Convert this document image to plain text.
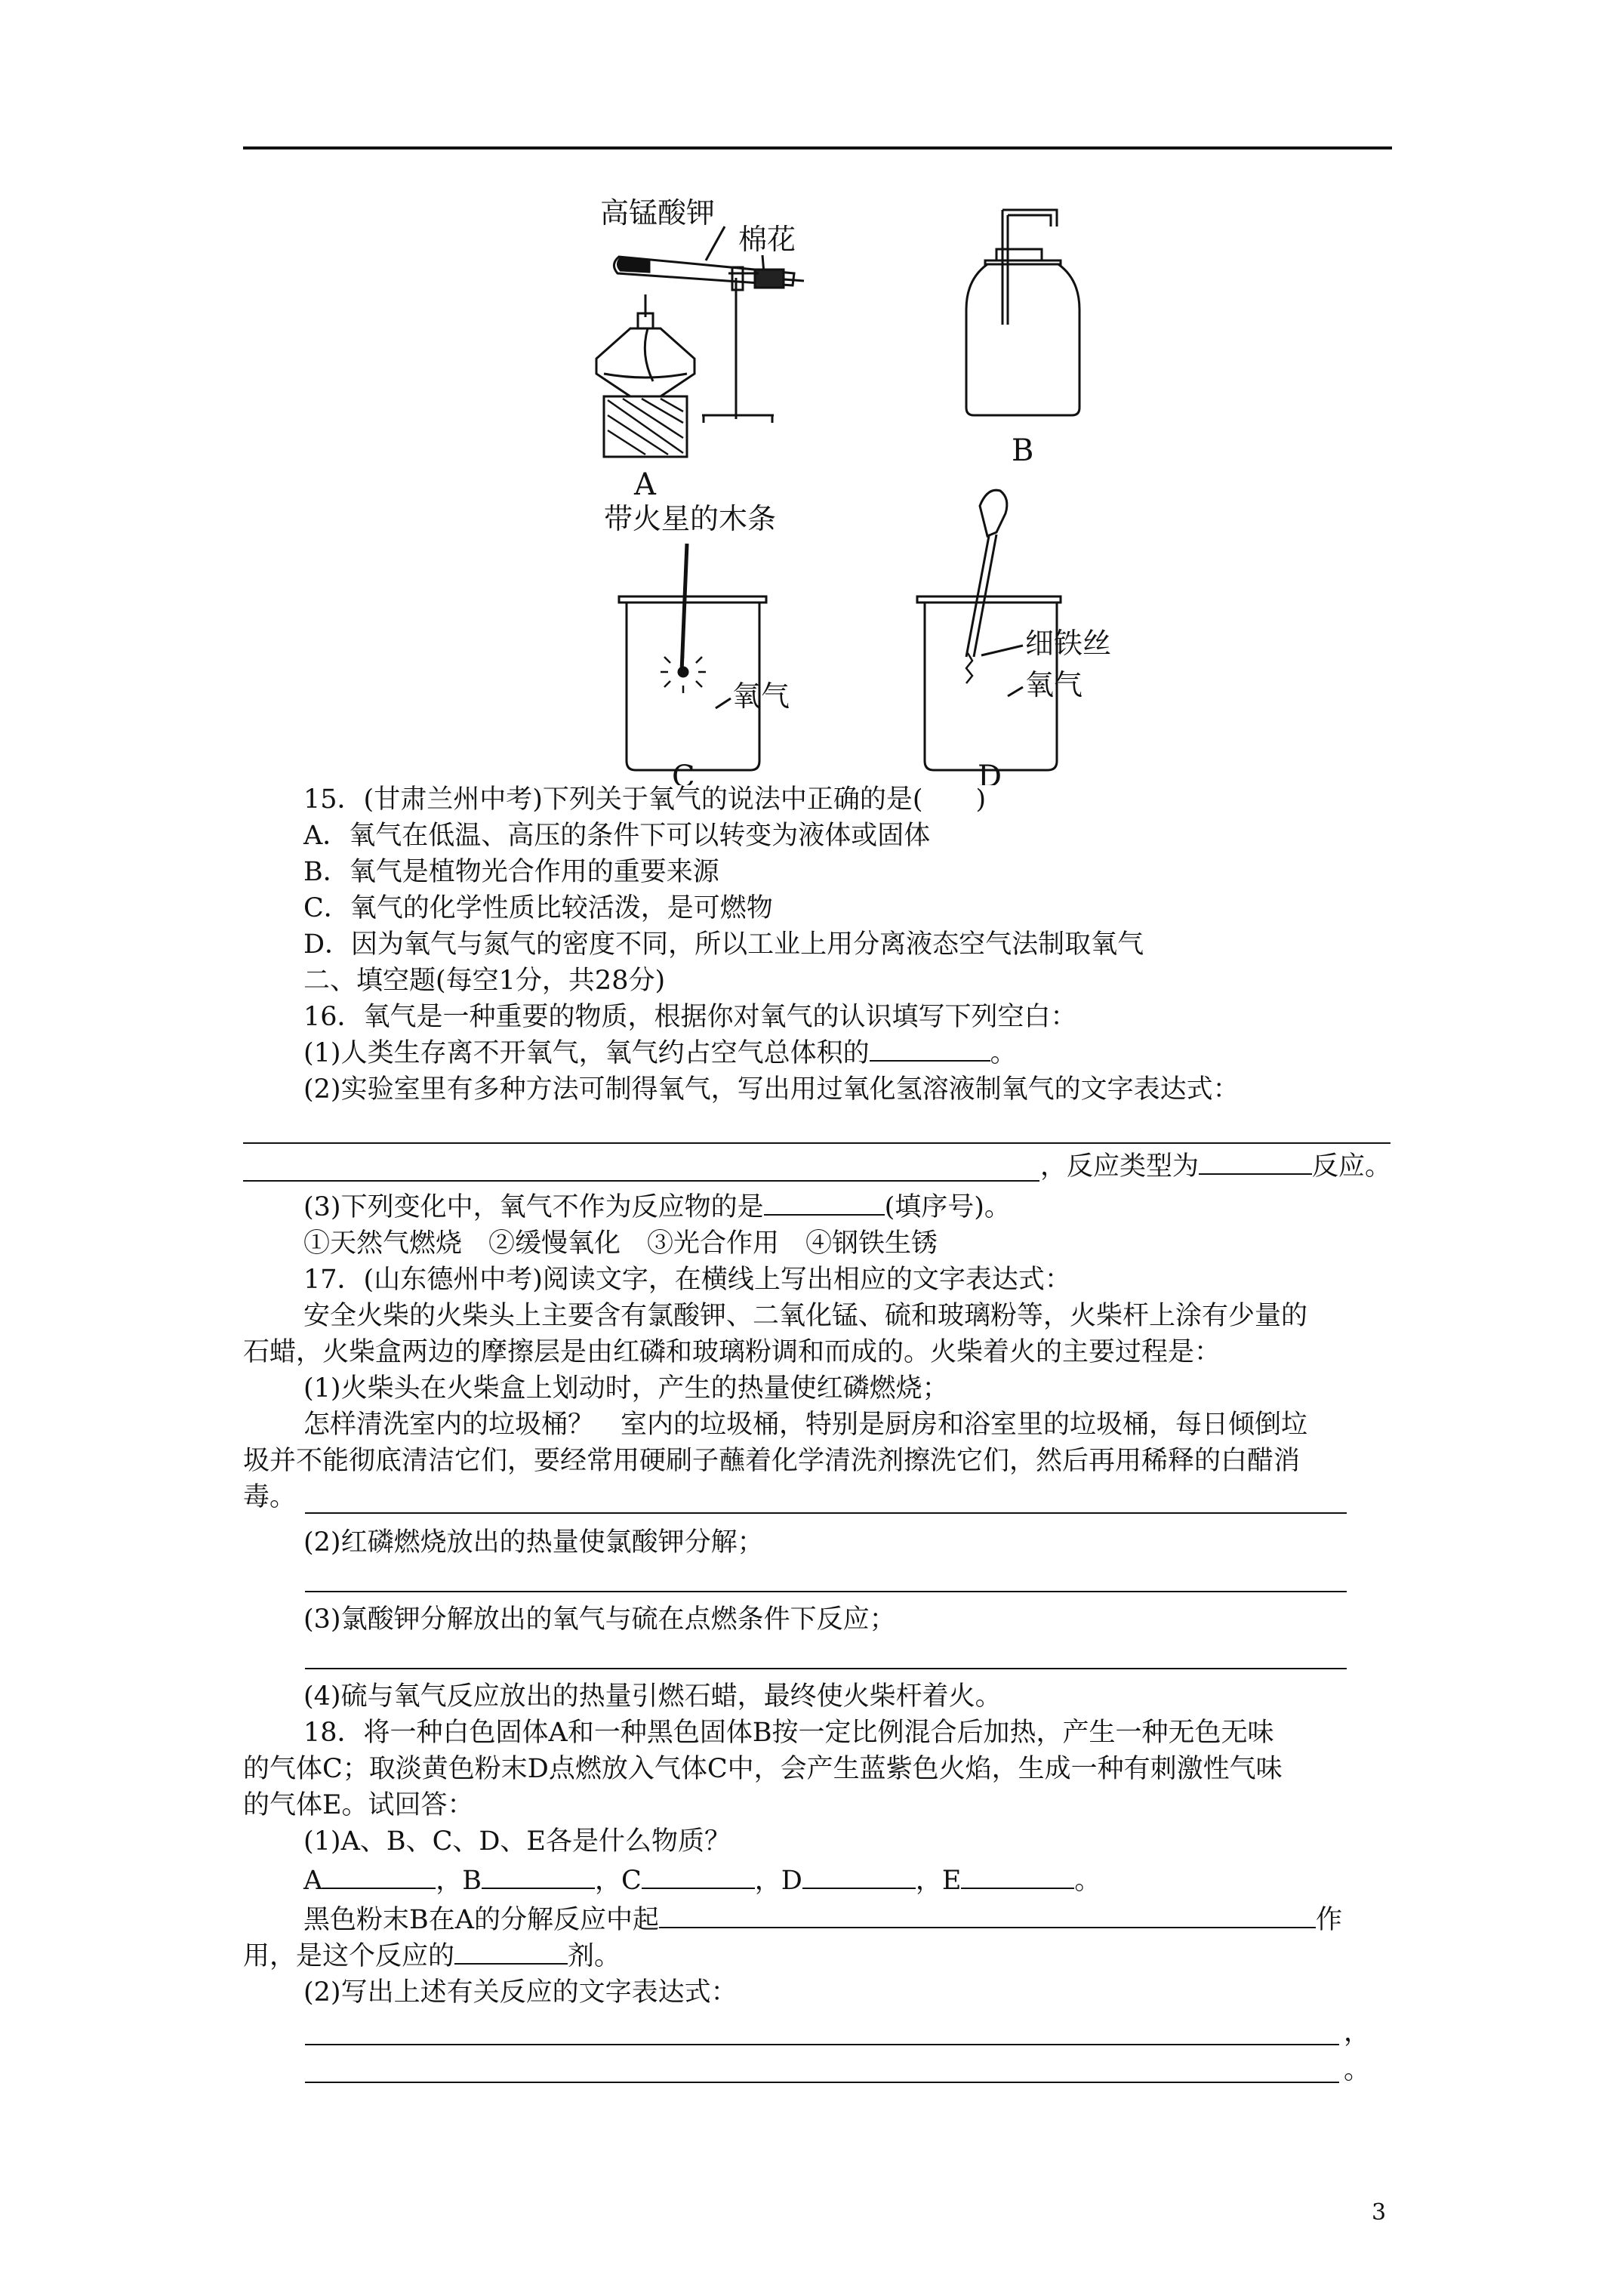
高锰酸钾
棉花
A
B
带火星的木条
氧气
C
细铁丝
氧气
D
15．(甘肃兰州中考)下列关于氧气的说法中正确的是(　　)
A．氧气在低温、高压的条件下可以转变为液体或固体
B．氧气是植物光合作用的重要来源
C．氧气的化学性质比较活泼，是可燃物
D．因为氧气与氮气的密度不同，所以工业上用分离液态空气法制取氧气
二、填空题(每空1分，共28分)
16．氧气是一种重要的物质，根据你对氧气的认识填写下列空白：
(1)人类生存离不开氧气，氧气约占空气总体积的	。
(2)实验室里有多种方法可制得氧气，写出用过氧化氢溶液制氧气的文字表达式：
，反应类型为	反应。
(3)下列变化中，氧气不作为反应物的是	(填序号)。
①天然气燃烧　②缓慢氧化　③光合作用　④钢铁生锈
17．(山东德州中考)阅读文字，在横线上写出相应的文字表达式：
安全火柴的火柴头上主要含有氯酸钾、二氧化锰、硫和玻璃粉等，火柴杆上涂有少量的
石蜡，火柴盒两边的摩擦层是由红磷和玻璃粉调和而成的。火柴着火的主要过程是：
(1)火柴头在火柴盒上划动时，产生的热量使红磷燃烧；
怎样清洗室内的垃圾桶？　室内的垃圾桶，特别是厨房和浴室里的垃圾桶，每日倾倒垃
圾并不能彻底清洁它们，要经常用硬刷子蘸着化学清洗剂擦洗它们，然后再用稀释的白醋消
毒。
(2)红磷燃烧放出的热量使氯酸钾分解；
(3)氯酸钾分解放出的氧气与硫在点燃条件下反应；
(4)硫与氧气反应放出的热量引燃石蜡，最终使火柴杆着火。
18．将一种白色固体A和一种黑色固体B按一定比例混合后加热，产生一种无色无味
的气体C；取淡黄色粉末D点燃放入气体C中，会产生蓝紫色火焰，生成一种有刺激性气味
的气体E。试回答：
(1)A、B、C、D、E各是什么物质？
A	，B	，C	，D	，E	。
黑色粉末B在A的分解反应中起	作
用，是这个反应的	剂。
(2)写出上述有关反应的文字表达式：
，
。
3
